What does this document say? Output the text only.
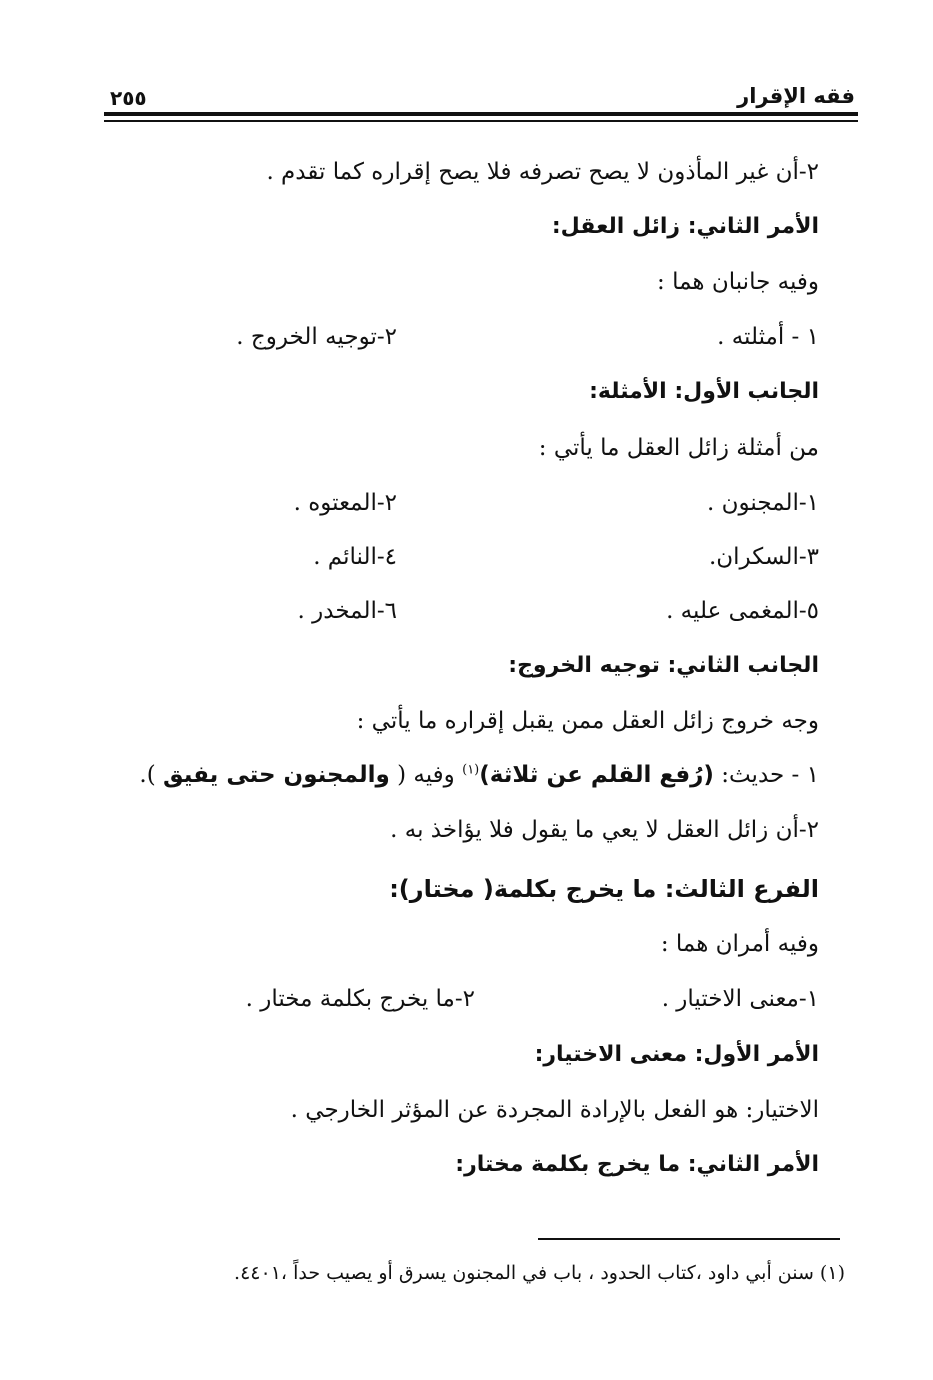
فقه الإقرار
٢٥٥
٢-أن غير المأذون لا يصح تصرفه فلا يصح إقراره كما تقدم .
الأمر الثاني: زائل العقل:
وفيه جانبان هما :
١ - أمثلته .
٢-توجيه الخروج .
الجانب الأول: الأمثلة:
من أمثلة زائل العقل ما يأتي :
١-المجنون .
٢-المعتوه .
٣-السكران.
٤-النائم .
٥-المغمى عليه .
٦-المخدر .
الجانب الثاني: توجيه الخروج:
وجه خروج زائل العقل ممن يقبل إقراره ما يأتي :
١ - حديث: (رُفع القلم عن ثلاثة)$^{(١)}$ وفيه ( والمجنون حتى يفيق ).
٢-أن زائل العقل لا يعي ما يقول فلا يؤاخذ به .
الفرع الثالث: ما يخرج بكلمة( مختار):
وفيه أمران هما :
١-معنى الاختيار .
٢-ما يخرج بكلمة مختار .
الأمر الأول: معنى الاختيار:
الاختيار: هو الفعل بالإرادة المجردة عن المؤثر الخارجي .
الأمر الثاني: ما يخرج بكلمة مختار:
(١) سنن أبي داود ،كتاب الحدود ، باب في المجنون يسرق أو يصيب حداً ،٤٤٠١.
